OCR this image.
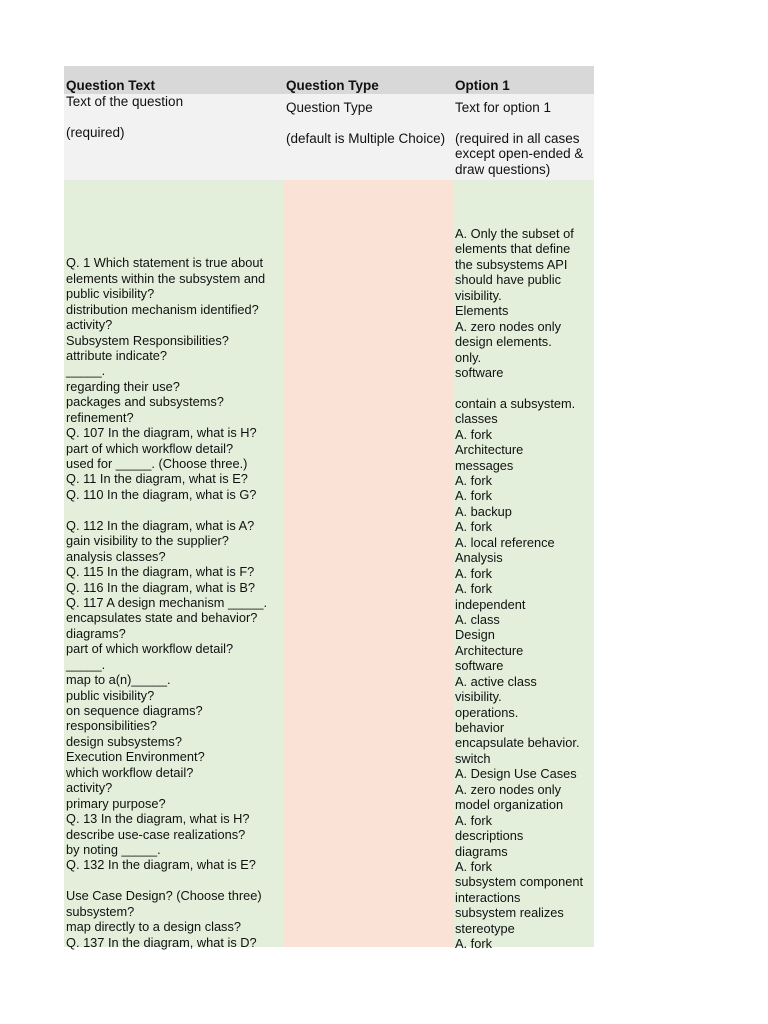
Question Text	Question Type	Option 1
Text of the question
(required)
Question Type
(default is Multiple Choice)
Text for option 1
(required in all cases
except open-ended &
draw questions)
Q. 1 Which statement is true about
elements within the subsystem and
public visibility?
distribution mechanism identified?
activity?
Subsystem Responsibilities?
attribute indicate?
_____.
regarding their use?
packages and subsystems?
refinement?
Q. 107 In the diagram, what is H?
part of which workflow detail?
used for _____. (Choose three.)
Q. 11 In the diagram, what is E?
Q. 110 In the diagram, what is G?
Q. 112 In the diagram, what is A?
gain visibility to the supplier?
analysis classes?
Q. 115 In the diagram, what is F?
Q. 116 In the diagram, what is B?
Q. 117 A design mechanism _____.
encapsulates state and behavior?
diagrams?
part of which workflow detail?
_____.
map to a(n)_____.
public visibility?
on sequence diagrams?
responsibilities?
design subsystems?
Execution Environment?
which workflow detail?
activity?
primary purpose?
Q. 13 In the diagram, what is H?
describe use-case realizations?
by noting _____.
Q. 132 In the diagram, what is E?
Use Case Design? (Choose three)
subsystem?
map directly to a design class?
Q. 137 In the diagram, what is D?
A. Only the subset of
elements that define
the subsystems API
should have public
visibility.
Elements
A. zero nodes only
design elements.
only.
software
contain a subsystem.
classes
A. fork
Architecture
messages
A. fork
A. fork
A. backup
A. fork
A. local reference
Analysis
A. fork
A. fork
independent
A. class
Design
Architecture
software
A. active class
visibility.
operations.
behavior
encapsulate behavior.
switch
A. Design Use Cases
A. zero nodes only
model organization
A. fork
descriptions
diagrams
A. fork
subsystem component
interactions
subsystem realizes
stereotype
A. fork
